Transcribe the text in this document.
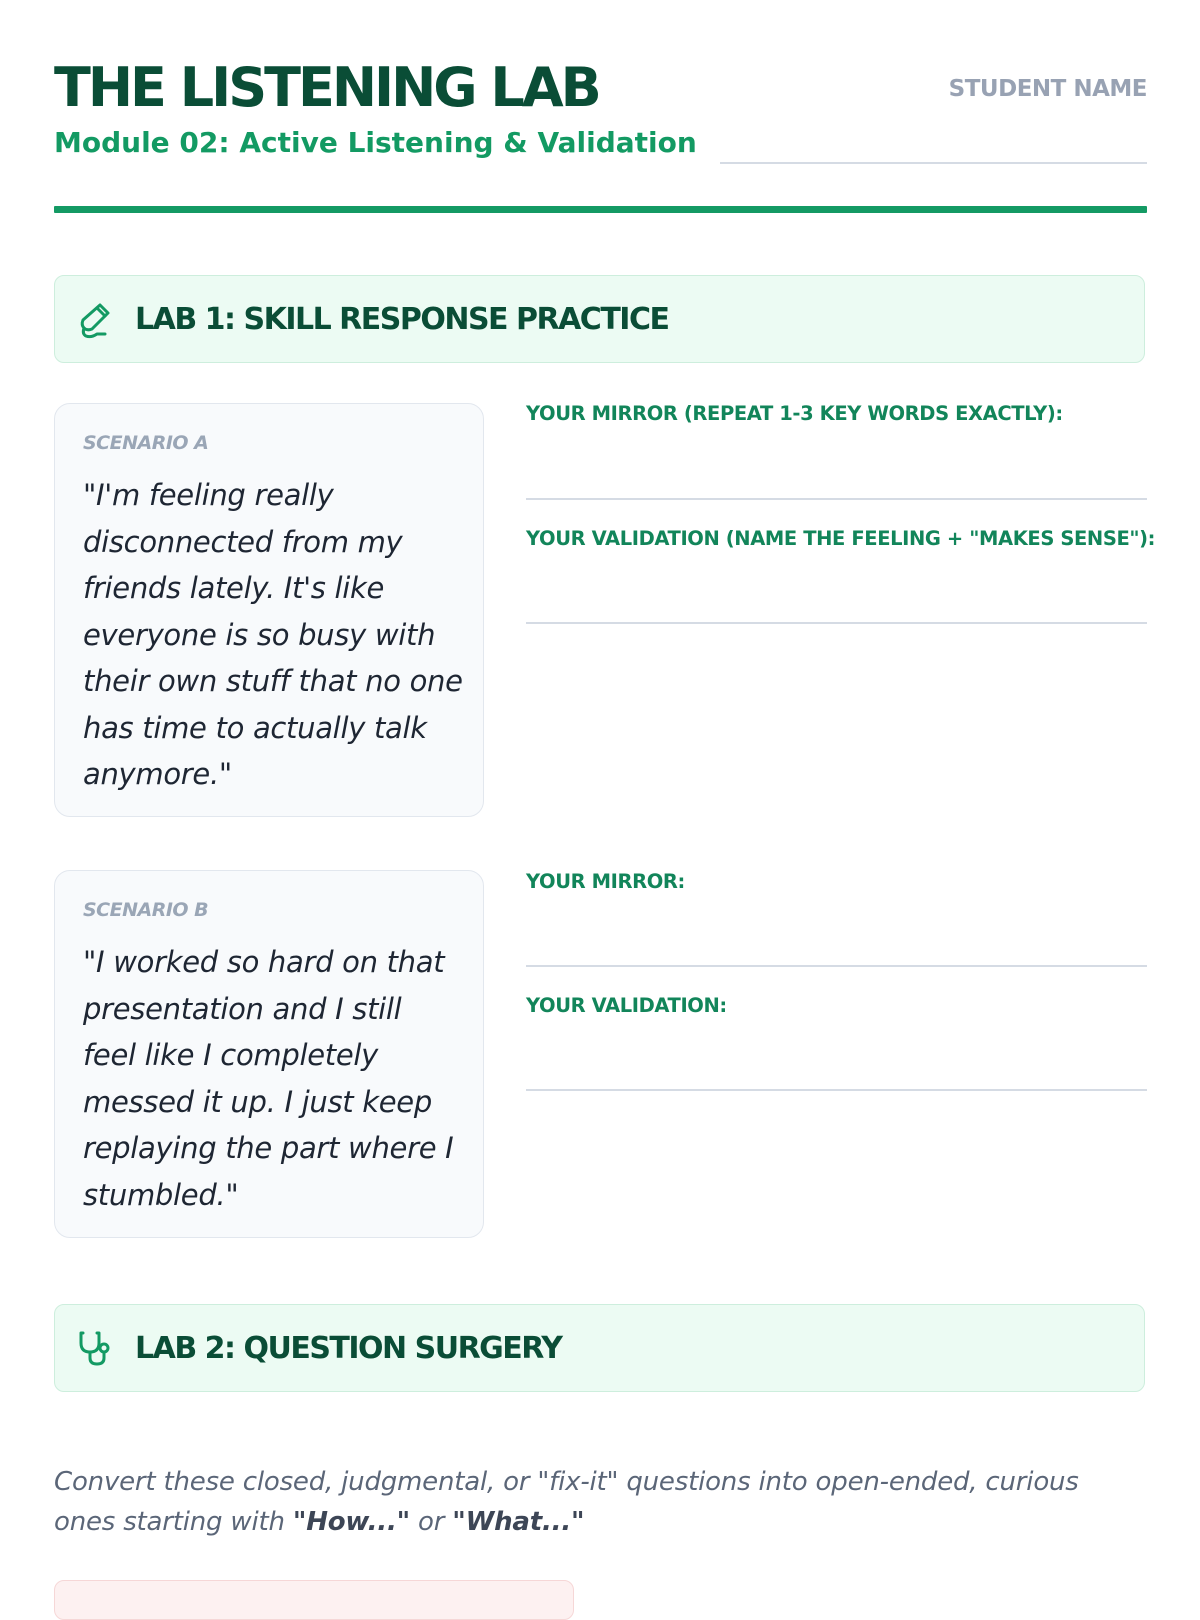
THE LISTENING LAB
Module 02: Active Listening & Validation
STUDENT NAME
LAB 1: SKILL RESPONSE PRACTICE
SCENARIO A
"I'm feeling really disconnected from my friends lately. It's like everyone is so busy with their own stuff that no one has time to actually talk anymore."
YOUR MIRROR (REPEAT 1-3 KEY WORDS EXACTLY):
YOUR VALIDATION (NAME THE FEELING + "MAKES SENSE"):
SCENARIO B
"I worked so hard on that presentation and I still feel like I completely messed it up. I just keep replaying the part where I stumbled."
YOUR MIRROR:
YOUR VALIDATION:
LAB 2: QUESTION SURGERY
Convert these closed, judgmental, or "fix-it" questions into open-ended, curious ones starting with "How..." or "What..."
